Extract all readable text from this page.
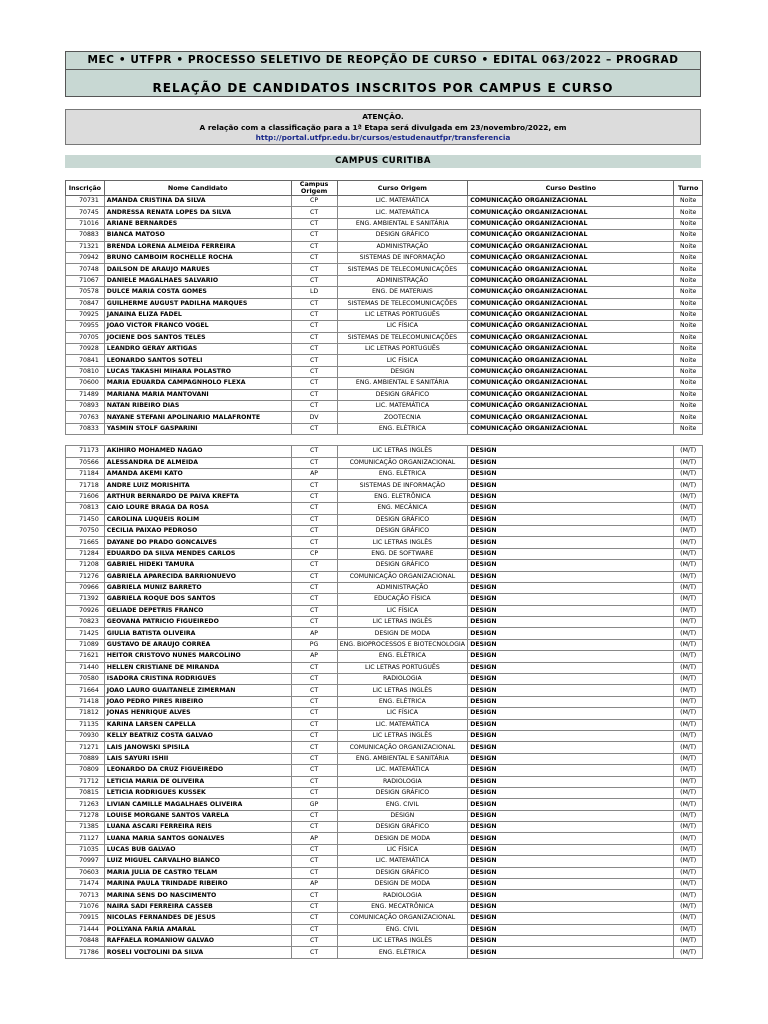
MEC • UTFPR • PROCESSO SELETIVO DE REOPÇÃO DE CURSO • EDITAL 063/2022 – PROGRAD
RELAÇÃO DE CANDIDATOS INSCRITOS POR CAMPUS E CURSO
ATENÇÃO.
A relação com a classificação para a 1ª Etapa será divulgada em 23/novembro/2022, em
http://portal.utfpr.edu.br/cursos/estudenautfpr/transferencia
CAMPUS CURITIBA
Inscrição	Nome Candidato	Campus Origem	Curso Origem	Curso Destino	Turno
70731	AMANDA CRISTINA DA SILVA	CP	LIC. MATEMÁTICA	COMUNICAÇÃO ORGANIZACIONAL	Noite
70745	ANDRESSA RENATA LOPES DA SILVA	CT	LIC. MATEMÁTICA	COMUNICAÇÃO ORGANIZACIONAL	Noite
71016	ARIANE BERNARDES	CT	ENG. AMBIENTAL E SANITÁRIA	COMUNICAÇÃO ORGANIZACIONAL	Noite
70883	BIANCA MATOSO	CT	DESIGN GRÁFICO	COMUNICAÇÃO ORGANIZACIONAL	Noite
71321	BRENDA LORENA ALMEIDA FERREIRA	CT	ADMINISTRAÇÃO	COMUNICAÇÃO ORGANIZACIONAL	Noite
70942	BRUNO CAMBOIM ROCHELLE ROCHA	CT	SISTEMAS DE INFORMAÇÃO	COMUNICAÇÃO ORGANIZACIONAL	Noite
70748	DAILSON DE ARAUJO MARUES	CT	SISTEMAS DE TELECOMUNICAÇÕES	COMUNICAÇÃO ORGANIZACIONAL	Noite
71067	DANIELE MAGALHAES SALVARIO	CT	ADMINISTRAÇÃO	COMUNICAÇÃO ORGANIZACIONAL	Noite
70578	DULCE MARIA COSTA GOMES	LD	ENG. DE MATERIAIS	COMUNICAÇÃO ORGANIZACIONAL	Noite
70847	GUILHERME AUGUST PADILHA MARQUES	CT	SISTEMAS DE TELECOMUNICAÇÕES	COMUNICAÇÃO ORGANIZACIONAL	Noite
70925	JANAINA ELIZA FADEL	CT	LIC LETRAS PORTUGUÊS	COMUNICAÇÃO ORGANIZACIONAL	Noite
70955	JOAO VICTOR FRANCO VOGEL	CT	LIC FÍSICA	COMUNICAÇÃO ORGANIZACIONAL	Noite
70705	JOCIENE DOS SANTOS TELES	CT	SISTEMAS DE TELECOMUNICAÇÕES	COMUNICAÇÃO ORGANIZACIONAL	Noite
70928	LEANDRO GERAY ARTIGAS	CT	LIC LETRAS PORTUGUÊS	COMUNICAÇÃO ORGANIZACIONAL	Noite
70841	LEONARDO SANTOS SOTELI	CT	LIC FÍSICA	COMUNICAÇÃO ORGANIZACIONAL	Noite
70810	LUCAS TAKASHI MIHARA POLASTRO	CT	DESIGN	COMUNICAÇÃO ORGANIZACIONAL	Noite
70600	MARIA EDUARDA CAMPAGNHOLO FLEXA	CT	ENG. AMBIENTAL E SANITÁRIA	COMUNICAÇÃO ORGANIZACIONAL	Noite
71489	MARIANA MARIA MANTOVANI	CT	DESIGN GRÁFICO	COMUNICAÇÃO ORGANIZACIONAL	Noite
70893	NATAN RIBEIRO DIAS	CT	LIC. MATEMÁTICA	COMUNICAÇÃO ORGANIZACIONAL	Noite
70763	NAYANE STEFANI APOLINARIO MALAFRONTE	DV	ZOOTECNIA	COMUNICAÇÃO ORGANIZACIONAL	Noite
70833	YASMIN STOLF GASPARINI	CT	ENG. ELÉTRICA	COMUNICAÇÃO ORGANIZACIONAL	Noite

71173	AKIHIRO MOHAMED NAGAO	CT	LIC LETRAS INGLÊS	DESIGN	(M/T)
70566	ALESSANDRA DE ALMEIDA	CT	COMUNICAÇÃO ORGANIZACIONAL	DESIGN	(M/T)
71184	AMANDA AKEMI KATO	AP	ENG. ELÉTRICA	DESIGN	(M/T)
71718	ANDRE LUIZ MORISHITA	CT	SISTEMAS DE INFORMAÇÃO	DESIGN	(M/T)
71606	ARTHUR BERNARDO DE PAIVA KREFTA	CT	ENG. ELETRÔNICA	DESIGN	(M/T)
70813	CAIO LOURE BRAGA DA ROSA	CT	ENG. MECÂNICA	DESIGN	(M/T)
71450	CAROLINA LUQUEIS ROLIM	CT	DESIGN GRÁFICO	DESIGN	(M/T)
70750	CECILIA PAIXAO PEDROSO	CT	DESIGN GRÁFICO	DESIGN	(M/T)
71665	DAYANE DO PRADO GONCALVES	CT	LIC LETRAS INGLÊS	DESIGN	(M/T)
71284	EDUARDO DA SILVA MENDES CARLOS	CP	ENG. DE SOFTWARE	DESIGN	(M/T)
71208	GABRIEL HIDEKI TAMURA	CT	DESIGN GRÁFICO	DESIGN	(M/T)
71276	GABRIELA APARECIDA BARRIONUEVO	CT	COMUNICAÇÃO ORGANIZACIONAL	DESIGN	(M/T)
70966	GABRIELA MUNIZ BARRETO	CT	ADMINISTRAÇÃO	DESIGN	(M/T)
71392	GABRIELA ROQUE DOS SANTOS	CT	EDUCAÇÃO FÍSICA	DESIGN	(M/T)
70926	GELIADE DEPETRIS FRANCO	CT	LIC FÍSICA	DESIGN	(M/T)
70823	GEOVANA PATRICIO FIGUEIREDO	CT	LIC LETRAS INGLÊS	DESIGN	(M/T)
71425	GIULIA BATISTA OLIVEIRA	AP	DESIGN DE MODA	DESIGN	(M/T)
71089	GUSTAVO DE ARAUJO CORREA	PG	ENG. BIOPROCESSOS E BIOTECNOLOGIA	DESIGN	(M/T)
71621	HEITOR CRISTOVO NUNES MARCOLINO	AP	ENG. ELÉTRICA	DESIGN	(M/T)
71440	HELLEN CRISTIANE DE MIRANDA	CT	LIC LETRAS PORTUGUÊS	DESIGN	(M/T)
70580	ISADORA CRISTINA RODRIGUES	CT	RADIOLOGIA	DESIGN	(M/T)
71664	JOAO LAURO GUAITANELE ZIMERMAN	CT	LIC LETRAS INGLÊS	DESIGN	(M/T)
71418	JOAO PEDRO PIRES RIBEIRO	CT	ENG. ELÉTRICA	DESIGN	(M/T)
71812	JONAS HENRIQUE ALVES	CT	LIC FÍSICA	DESIGN	(M/T)
71135	KARINA LARSEN CAPELLA	CT	LIC. MATEMÁTICA	DESIGN	(M/T)
70930	KELLY BEATRIZ COSTA GALVAO	CT	LIC LETRAS INGLÊS	DESIGN	(M/T)
71271	LAIS JANOWSKI SPISILA	CT	COMUNICAÇÃO ORGANIZACIONAL	DESIGN	(M/T)
70889	LAIS SAYURI ISHII	CT	ENG. AMBIENTAL E SANITÁRIA	DESIGN	(M/T)
70809	LEONARDO DA CRUZ FIGUEIREDO	CT	LIC. MATEMÁTICA	DESIGN	(M/T)
71712	LETICIA MARIA DE OLIVEIRA	CT	RADIOLOGIA	DESIGN	(M/T)
70815	LETICIA RODRIGUES KUSSEK	CT	DESIGN GRÁFICO	DESIGN	(M/T)
71263	LIVIAN CAMILLE MAGALHAES OLIVEIRA	GP	ENG. CIVIL	DESIGN	(M/T)
71278	LOUISE MORGANE SANTOS VARELA	CT	DESIGN	DESIGN	(M/T)
71385	LUANA ASCARI FERREIRA REIS	CT	DESIGN GRÁFICO	DESIGN	(M/T)
71127	LUANA MARIA SANTOS GONALVES	AP	DESIGN DE MODA	DESIGN	(M/T)
71035	LUCAS BUB GALVAO	CT	LIC FÍSICA	DESIGN	(M/T)
70997	LUIZ MIGUEL CARVALHO BIANCO	CT	LIC. MATEMÁTICA	DESIGN	(M/T)
70603	MARIA JULIA DE CASTRO TELAM	CT	DESIGN GRÁFICO	DESIGN	(M/T)
71474	MARINA PAULA TRINDADE RIBEIRO	AP	DESIGN DE MODA	DESIGN	(M/T)
70713	MARINA SENS DO NASCIMENTO	CT	RADIOLOGIA	DESIGN	(M/T)
71076	NAIRA SADI FERREIRA CASSEB	CT	ENG. MECATRÔNICA	DESIGN	(M/T)
70915	NICOLAS FERNANDES DE JESUS	CT	COMUNICAÇÃO ORGANIZACIONAL	DESIGN	(M/T)
71444	POLLYANA FARIA AMARAL	CT	ENG. CIVIL	DESIGN	(M/T)
70848	RAFFAELA ROMANIOW GALVAO	CT	LIC LETRAS INGLÊS	DESIGN	(M/T)
71786	ROSELI VOLTOLINI DA SILVA	CT	ENG. ELÉTRICA	DESIGN	(M/T)
